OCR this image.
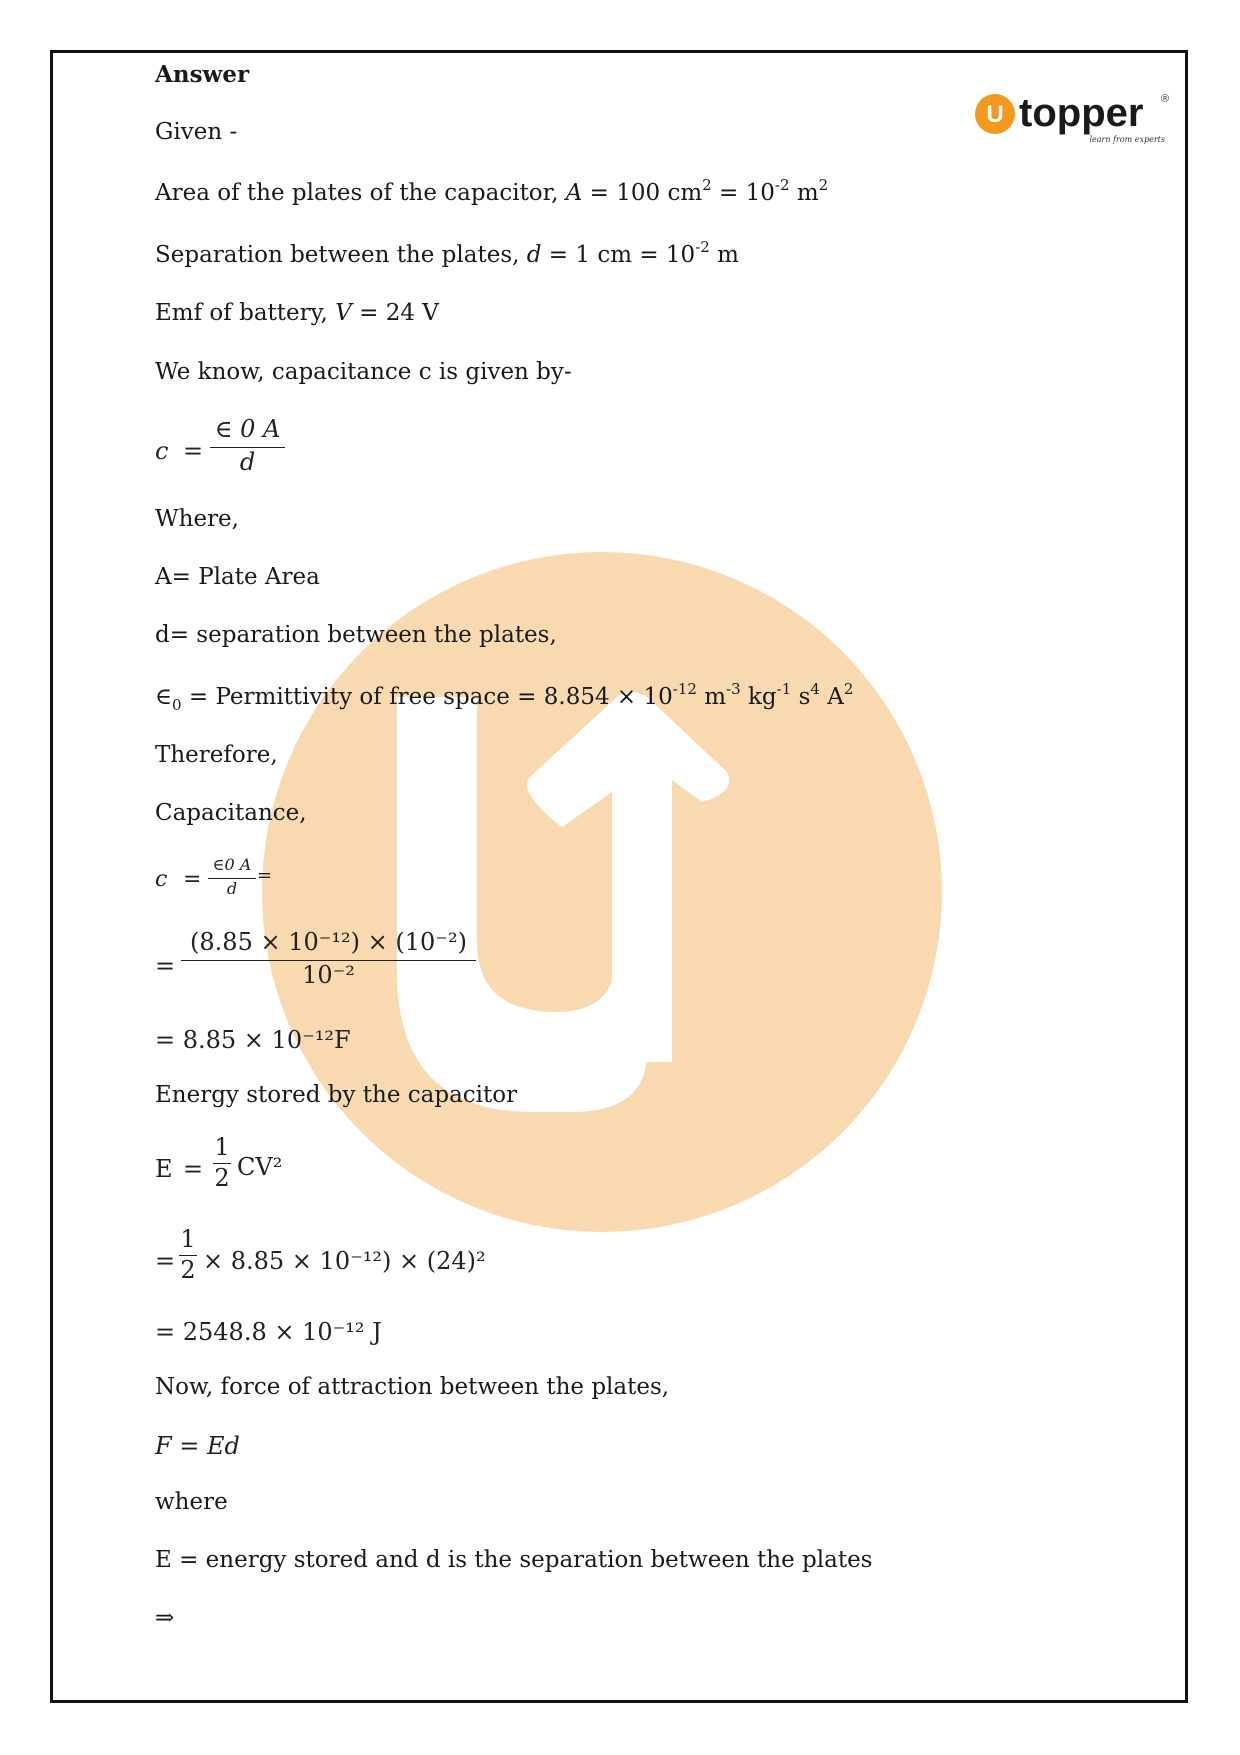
U topper ®
learn from experts
Answer
Given -
Area of the plates of the capacitor, A = 100 $cm^2 = 10^{-2}$ $m^2$
Separation between the plates, d = 1 cm = $10^{-2}$ m
Emf of battery, V = 24 V
We know, capacitance c is given by-
$c = \frac{\in 0 A}{d}$
Where,
A= Plate Area
d= separation between the plates,
$\in_0$ = Permittivity of free space = $8.854 \times 10^{-12}$ $m^{-3}$ $kg^{-1}$ $s^4$ $A^2$
Therefore,
Capacitance,
$c = \frac{\in 0 A}{d}$ =
= $\frac{\text{(8.85 × 10⁻¹²) × (10⁻²)}}{\text{10⁻²}}$
= 8.85 × 10⁻¹²F
Energy stored by the capacitor
$E = \frac{1}{2} CV^2$
= $\frac{1}{2} \times 8.85 \times 10^{-12}) \times (24)^2$
= 2548.8 × 10⁻¹² J
Now, force of attraction between the plates,
F = Ed
where
E = energy stored and d is the separation between the plates
⇒
